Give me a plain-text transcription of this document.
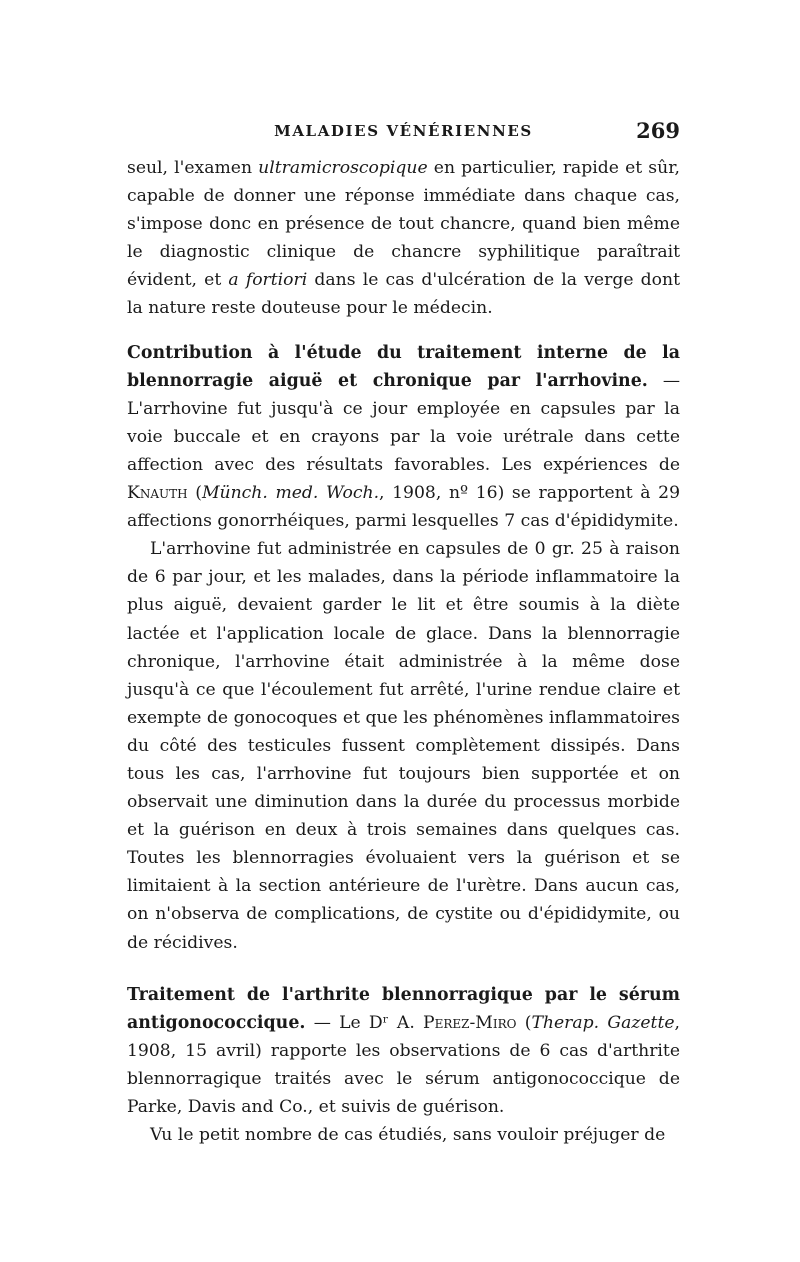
MALADIES VÉNÉRIENNES	269

seul, l'examen ultramicroscopique en particulier, rapide et sûr, capable de donner une réponse immédiate dans chaque cas, s'impose donc en présence de tout chancre, quand bien même le diagnostic clinique de chancre syphilitique paraîtrait évident, et a fortiori dans le cas d'ulcération de la verge dont la nature reste douteuse pour le médecin.

Contribution à l'étude du traitement interne de la blennorragie aiguë et chronique par l'arrhovine. — L'arrhovine fut jusqu'à ce jour employée en capsules par la voie buccale et en crayons par la voie urétrale dans cette affection avec des résultats favorables. Les expériences de Knauth (Münch. med. Woch., 1908, nº 16) se rapportent à 29 affections gonorrhéiques, parmi lesquelles 7 cas d'épididymite.

L'arrhovine fut administrée en capsules de 0 gr. 25 à raison de 6 par jour, et les malades, dans la période inflammatoire la plus aiguë, devaient garder le lit et être soumis à la diète lactée et l'application locale de glace. Dans la blennorragie chronique, l'arrhovine était administrée à la même dose jusqu'à ce que l'écoulement fut arrêté, l'urine rendue claire et exempte de gonocoques et que les phénomènes inflammatoires du côté des testicules fussent complètement dissipés. Dans tous les cas, l'arrhovine fut toujours bien supportée et on observait une diminution dans la durée du processus morbide et la guérison en deux à trois semaines dans quelques cas. Toutes les blennorragies évoluaient vers la guérison et se limitaient à la section antérieure de l'urètre. Dans aucun cas, on n'observa de complications, de cystite ou d'épididymite, ou de récidives.

Traitement de l'arthrite blennorragique par le sérum antigonococcique. — Le Dʳ A. Perez-Miro (Therap. Gazette, 1908, 15 avril) rapporte les observations de 6 cas d'arthrite blennorragique traités avec le sérum antigonococcique de Parke, Davis and Co., et suivis de guérison.

Vu le petit nombre de cas étudiés, sans vouloir préjuger de
